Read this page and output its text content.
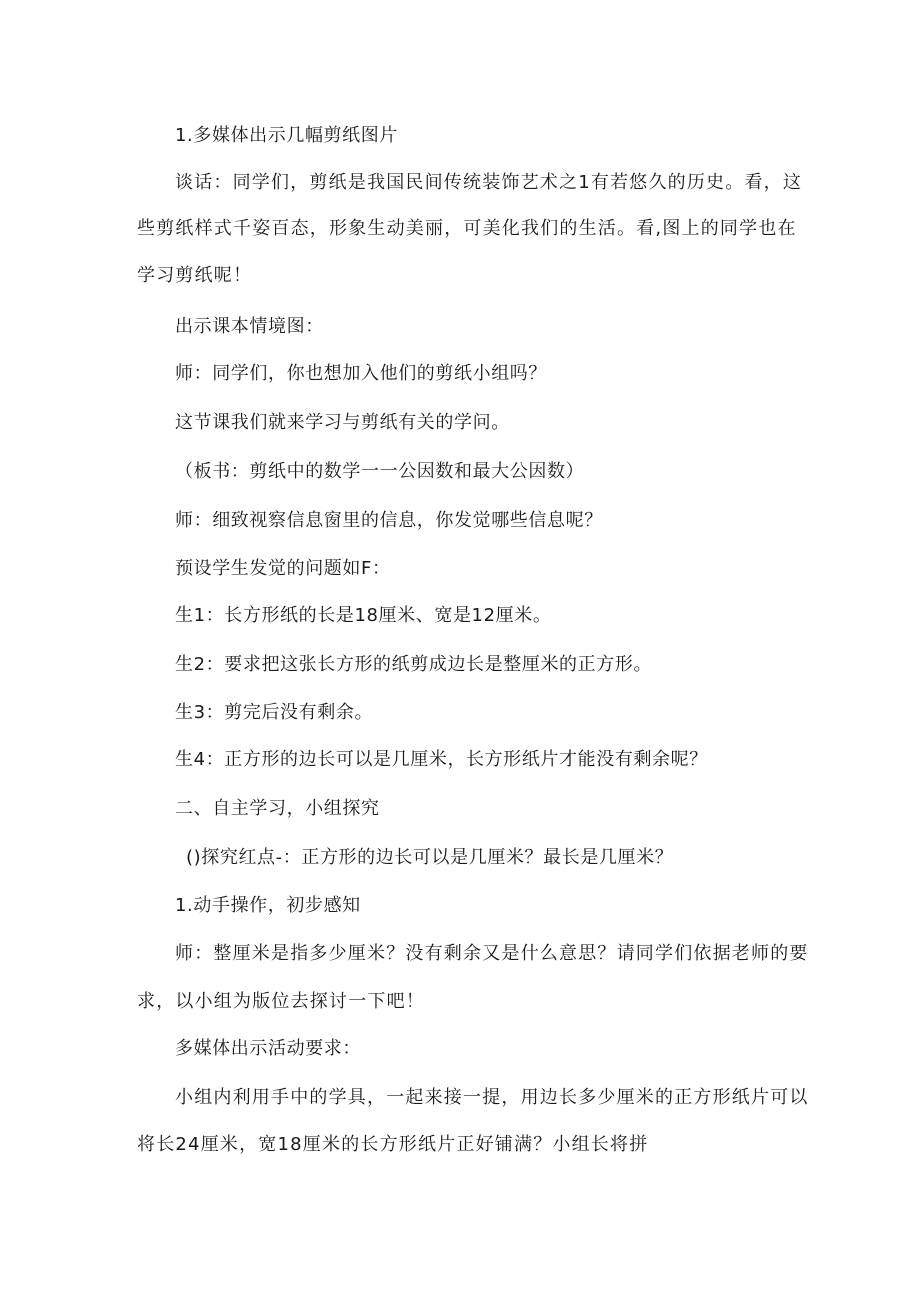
1.多媒体出示几幅剪纸图片

谈话：同学们，剪纸是我国民间传统装饰艺术之1有若悠久的历史。看，这

些剪纸样式千姿百态，形象生动美丽，可美化我们的生活。看,图上的同学也在

学习剪纸呢！

出示课本情境图：

师：同学们，你也想加入他们的剪纸小组吗？

这节课我们就来学习与剪纸有关的学问。

（板书：剪纸中的数学一一公因数和最大公因数）

师：细致视察信息窗里的信息，你发觉哪些信息呢？

预设学生发觉的问题如F：

生1：长方形纸的长是18厘米、宽是12厘米。

生2：要求把这张长方形的纸剪成边长是整厘米的正方形。

生3：剪完后没有剩余。

生4：正方形的边长可以是几厘米，长方形纸片才能没有剩余呢？

二、自主学习，小组探究

()探究红点-：正方形的边长可以是几厘米？最长是几厘米？

1.动手操作，初步感知

师：整厘米是指多少厘米？没有剩余又是什么意思？请同学们依据老师的要

求，以小组为版位去探讨一下吧！

多媒体出示活动要求：

小组内利用手中的学具，一起来接一提，用边长多少厘米的正方形纸片可以

将长24厘米，宽18厘米的长方形纸片正好铺满？小组长将拼
